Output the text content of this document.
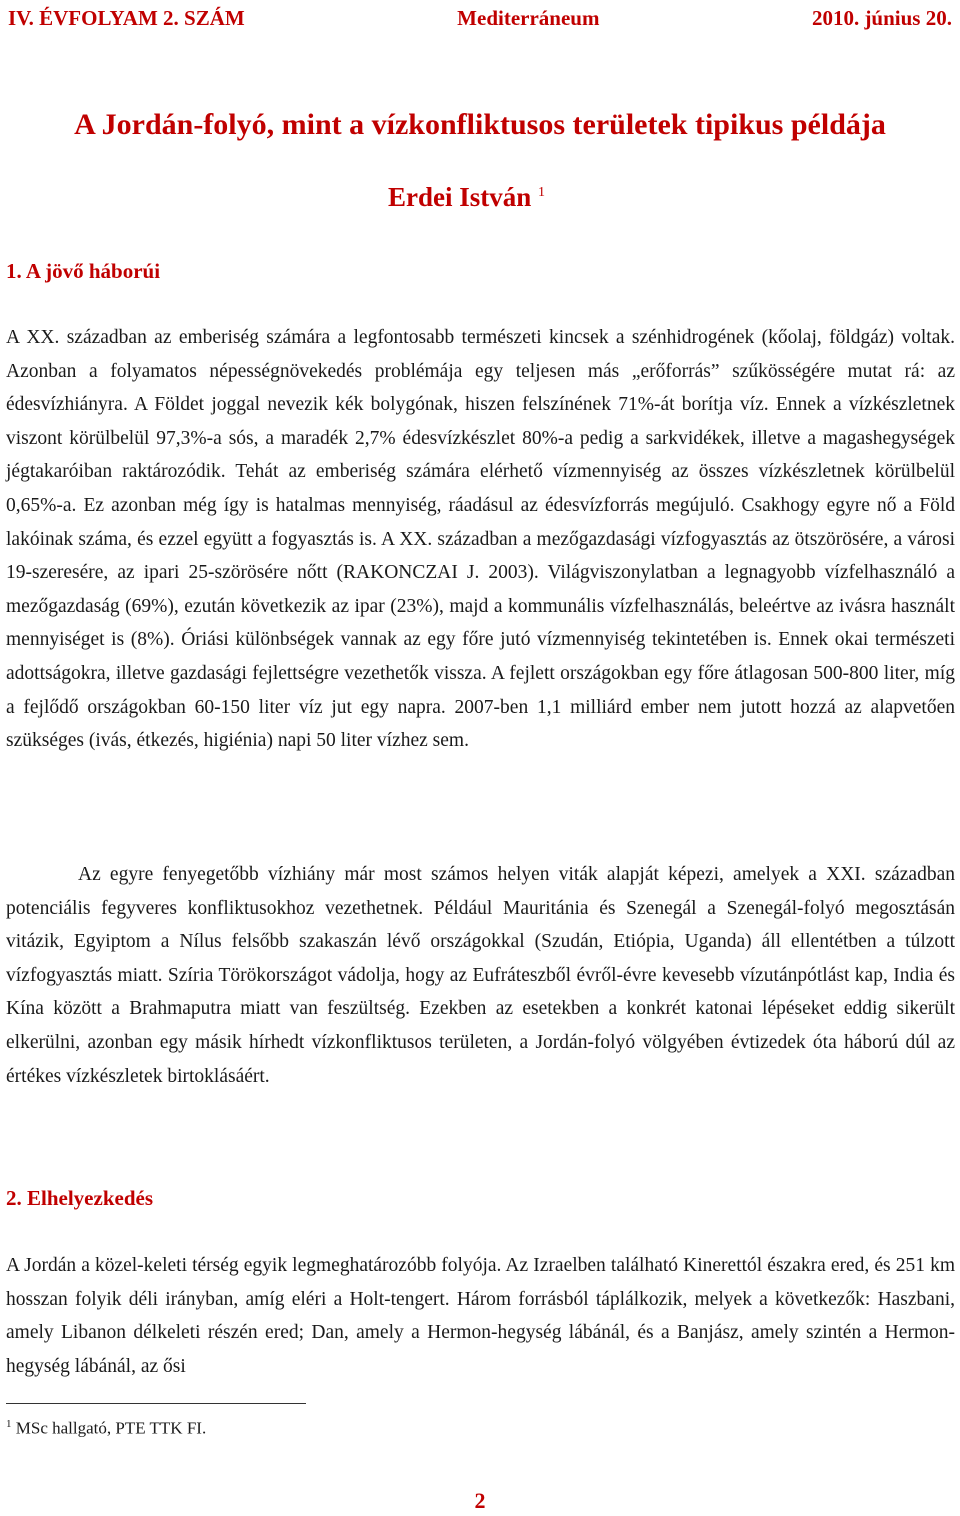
IV. ÉVFOLYAM 2. SZÁM	Mediterráneum	2010. június 20.
A Jordán-folyó, mint a vízkonfliktusos területek tipikus példája
Erdei István $^1$
1. A jövő háborúi

A XX. században az emberiség számára a legfontosabb természeti kincsek a szénhidrogének (kőolaj, földgáz) voltak. Azonban a folyamatos népességnövekedés problémája egy teljesen más „erőforrás” szűkösségére mutat rá: az édesvízhiányra. A Földet joggal nevezik kék bolygónak, hiszen felszínének 71%-át borítja víz. Ennek a vízkészletnek viszont körülbelül 97,3%-a sós, a maradék 2,7% édesvízkészlet 80%-a pedig a sarkvidékek, illetve a magashegységek jégtakaróiban raktározódik. Tehát az emberiség számára elérhető vízmennyiség az összes vízkészletnek körülbelül 0,65%-a. Ez azonban még így is hatalmas mennyiség, ráadásul az édesvízforrás megújuló. Csakhogy egyre nő a Föld lakóinak száma, és ezzel együtt a fogyasztás is. A XX. században a mezőgazdasági vízfogyasztás az ötszörösére, a városi 19-szeresére, az ipari 25-szörösére nőtt (RAKONCZAI J. 2003). Világviszonylatban a legnagyobb vízfelhasználó a mezőgazdaság (69%), ezután következik az ipar (23%), majd a kommunális vízfelhasználás, beleértve az ivásra használt mennyiséget is (8%). Óriási különbségek vannak az egy főre jutó vízmennyiség tekintetében is. Ennek okai természeti adottságokra, illetve gazdasági fejlettségre vezethetők vissza. A fejlett országokban egy főre átlagosan 500-800 liter, míg a fejlődő országokban 60-150 liter víz jut egy napra. 2007-ben 1,1 milliárd ember nem jutott hozzá az alapvetően szükséges (ivás, étkezés, higiénia) napi 50 liter vízhez sem.

Az egyre fenyegetőbb vízhiány már most számos helyen viták alapját képezi, amelyek a XXI. században potenciális fegyveres konfliktusokhoz vezethetnek. Például Mauritánia és Szenegál a Szenegál-folyó megosztásán vitázik, Egyiptom a Nílus felsőbb szakaszán lévő országokkal (Szudán, Etiópia, Uganda) áll ellentétben a túlzott vízfogyasztás miatt. Szíria Törökországot vádolja, hogy az Eufráteszből évről-évre kevesebb vízutánpótlást kap, India és Kína között a Brahmaputra miatt van feszültség. Ezekben az esetekben a konkrét katonai lépéseket eddig sikerült elkerülni, azonban egy másik hírhedt vízkonfliktusos területen, a Jordán-folyó völgyében évtizedek óta háború dúl az értékes vízkészletek birtoklásáért.

2. Elhelyezkedés

A Jordán a közel-keleti térség egyik legmeghatározóbb folyója. Az Izraelben található Kinerettól északra ered, és 251 km hosszan folyik déli irányban, amíg eléri a Holt-tengert. Három forrásból táplálkozik, melyek a következők: Haszbani, amely Libanon délkeleti részén ered; Dan, amely a Hermon-hegység lábánál, és a Banjász, amely szintén a Hermon-hegység lábánál, az ősi

$^1$ MSc hallgató, PTE TTK FI.
2
